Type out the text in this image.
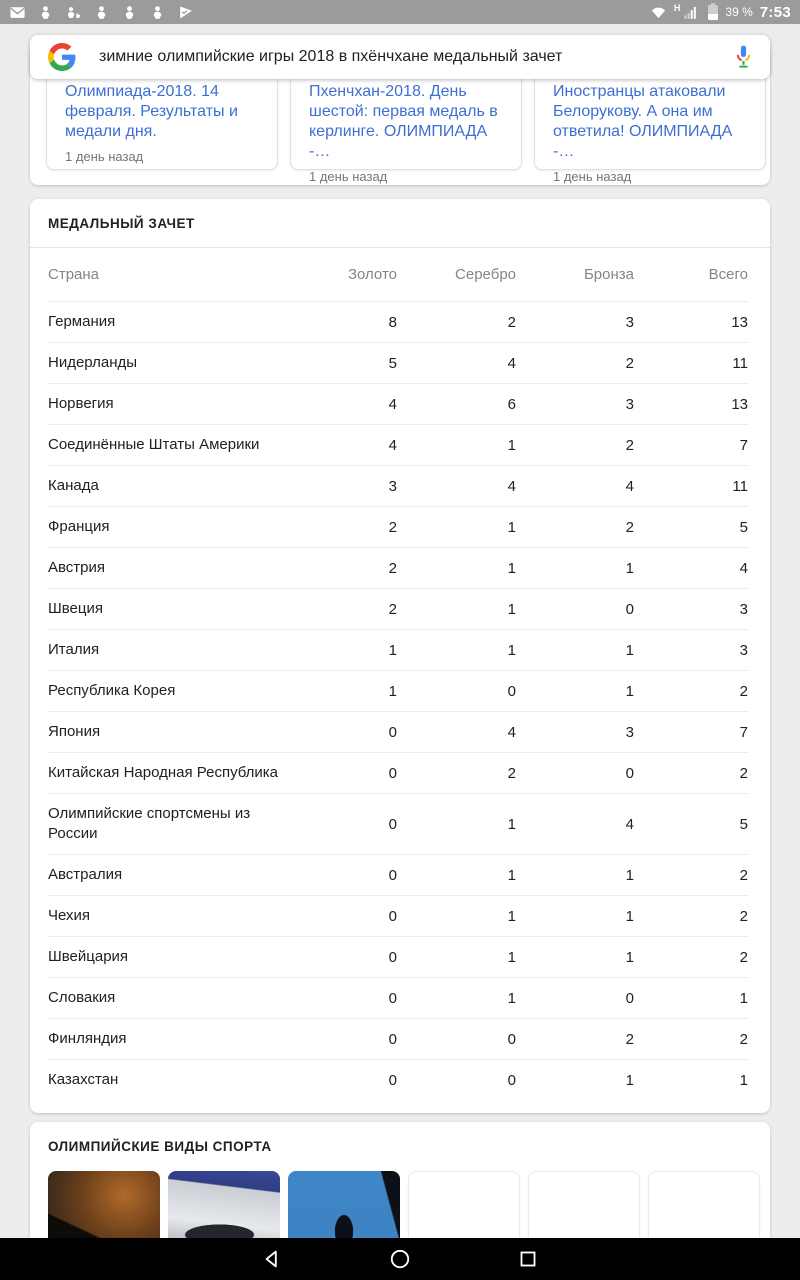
H	39 % 7:53
Олимпиада-2018. 14 февраля. Результаты и медали дня.
1 день назад
Пхенчхан-2018. День шестой: первая медаль в керлинге. ОЛИМПИАДА -…
1 день назад
Иностранцы атаковали Белорукову. А она им ответила! ОЛИМПИАДА -…
1 день назад
зимние олимпийские игры 2018 в пхёнчхане медальный зачет
МЕДАЛЬНЫЙ ЗАЧЕТ
Страна	Золото	Серебро	Бронза	Всего
Германия	8	2	3	13
Нидерланды	5	4	2	11
Норвегия	4	6	3	13
Соединённые Штаты Америки	4	1	2	7
Канада	3	4	4	11
Франция	2	1	2	5
Австрия	2	1	1	4
Швеция	2	1	0	3
Италия	1	1	1	3
Республика Корея	1	0	1	2
Япония	0	4	3	7
Китайская Народная Республика	0	2	0	2
Олимпийские спортсмены из России
0	1	4	5
Австралия	0	1	1	2
Чехия	0	1	1	2
Швейцария	0	1	1	2
Словакия	0	1	0	1
Финляндия	0	0	2	2
Казахстан	0	0	1	1
ОЛИМПИЙСКИЕ ВИДЫ СПОРТА
